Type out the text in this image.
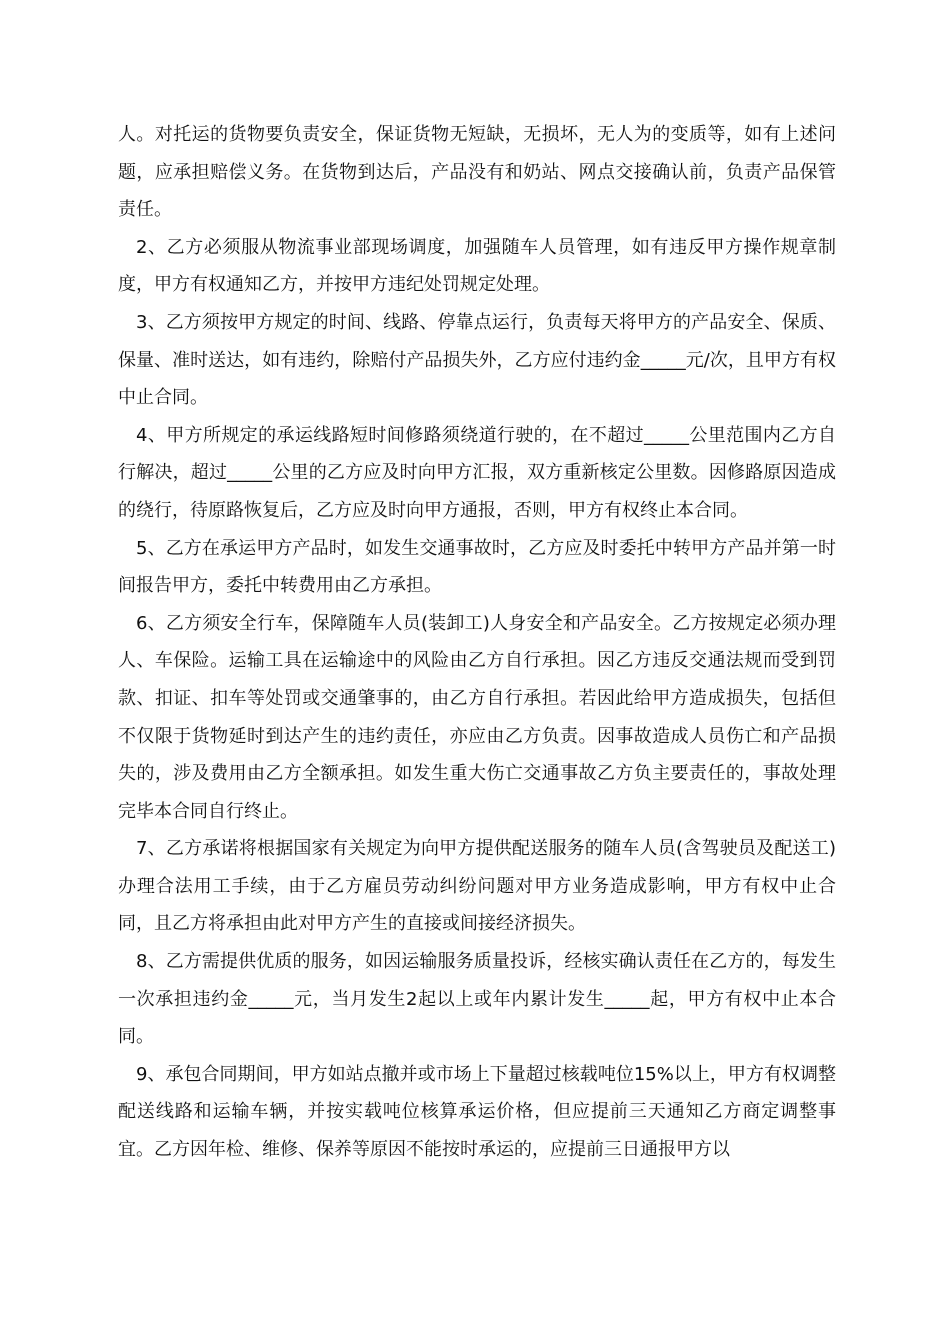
人。对托运的货物要负责安全，保证货物无短缺，无损坏，无人为的变质等，如有上述问题，应承担赔偿义务。在货物到达后，产品没有和奶站、网点交接确认前，负责产品保管责任。

2、乙方必须服从物流事业部现场调度，加强随车人员管理，如有违反甲方操作规章制度，甲方有权通知乙方，并按甲方违纪处罚规定处理。

3、乙方须按甲方规定的时间、线路、停靠点运行，负责每天将甲方的产品安全、保质、保量、准时送达，如有违约，除赔付产品损失外，乙方应付违约金_____元/次，且甲方有权中止合同。

4、甲方所规定的承运线路短时间修路须绕道行驶的，在不超过_____公里范围内乙方自行解决，超过_____公里的乙方应及时向甲方汇报，双方重新核定公里数。因修路原因造成的绕行，待原路恢复后，乙方应及时向甲方通报，否则，甲方有权终止本合同。

5、乙方在承运甲方产品时，如发生交通事故时，乙方应及时委托中转甲方产品并第一时间报告甲方，委托中转费用由乙方承担。

6、乙方须安全行车，保障随车人员(装卸工)人身安全和产品安全。乙方按规定必须办理人、车保险。运输工具在运输途中的风险由乙方自行承担。因乙方违反交通法规而受到罚款、扣证、扣车等处罚或交通肇事的，由乙方自行承担。若因此给甲方造成损失，包括但不仅限于货物延时到达产生的违约责任，亦应由乙方负责。因事故造成人员伤亡和产品损失的，涉及费用由乙方全额承担。如发生重大伤亡交通事故乙方负主要责任的，事故处理完毕本合同自行终止。

7、乙方承诺将根据国家有关规定为向甲方提供配送服务的随车人员(含驾驶员及配送工)办理合法用工手续，由于乙方雇员劳动纠纷问题对甲方业务造成影响，甲方有权中止合同，且乙方将承担由此对甲方产生的直接或间接经济损失。

8、乙方需提供优质的服务，如因运输服务质量投诉，经核实确认责任在乙方的，每发生一次承担违约金_____元，当月发生2起以上或年内累计发生_____起，甲方有权中止本合同。

9、承包合同期间，甲方如站点撤并或市场上下量超过核载吨位15%以上，甲方有权调整配送线路和运输车辆，并按实载吨位核算承运价格，但应提前三天通知乙方商定调整事宜。乙方因年检、维修、保养等原因不能按时承运的，应提前三日通报甲方以
